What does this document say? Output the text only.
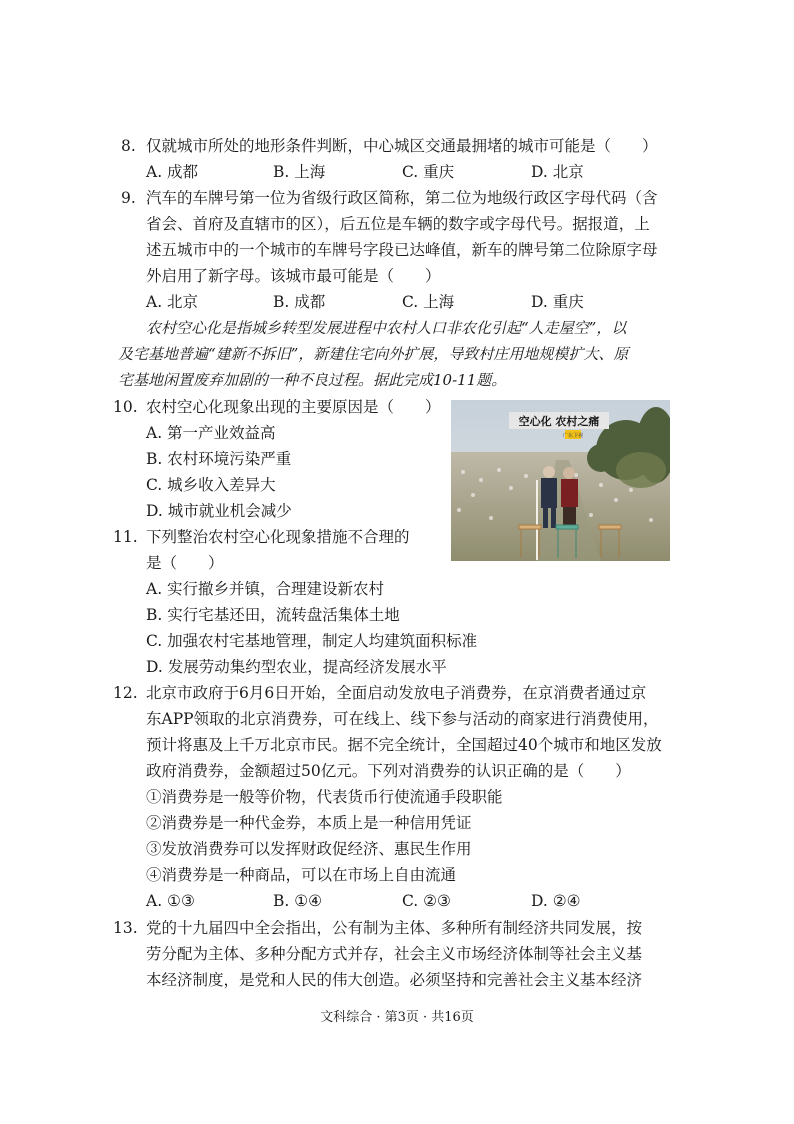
8. 仅就城市所处的地形条件判断，中心城区交通最拥堵的城市可能是（　　）
A. 成都	B. 上海	C. 重庆	D. 北京
9. 汽车的车牌号第一位为省级行政区简称，第二位为地级行政区字母代码（含
省会、首府及直辖市的区），后五位是车辆的数字或字母代号。据报道，上
述五城市中的一个城市的车牌号字段已达峰值，新车的牌号第二位除原字母
外启用了新字母。该城市最可能是（　　）
A. 北京	B. 成都	C. 上海	D. 重庆
农村空心化是指城乡转型发展进程中农村人口非农化引起“人走屋空”，以
及宅基地普遍“建新不拆旧”，新建住宅向外扩展，导致村庄用地规模扩大、原
宅基地闲置废弃加剧的一种不良过程。据此完成10-11题。
10. 农村空心化现象出现的主要原因是（　　）
A. 第一产业效益高
B. 农村环境污染严重
C. 城乡收入差异大
D. 城市就业机会减少
空心化 农村之痛
广东卫视
11. 下列整治农村空心化现象措施不合理的
是（　　）
A. 实行撤乡并镇，合理建设新农村
B. 实行宅基还田，流转盘活集体土地
C. 加强农村宅基地管理，制定人均建筑面积标准
D. 发展劳动集约型农业，提高经济发展水平
12. 北京市政府于6月6日开始，全面启动发放电子消费券，在京消费者通过京
东APP领取的北京消费券，可在线上、线下参与活动的商家进行消费使用，
预计将惠及上千万北京市民。据不完全统计，全国超过40个城市和地区发放
政府消费券，金额超过50亿元。下列对消费券的认识正确的是（　　）
①消费券是一般等价物，代表货币行使流通手段职能
②消费券是一种代金券，本质上是一种信用凭证
③发放消费券可以发挥财政促经济、惠民生作用
④消费券是一种商品，可以在市场上自由流通
A. ①③	B. ①④	C. ②③	D. ②④
13. 党的十九届四中全会指出，公有制为主体、多种所有制经济共同发展，按
劳分配为主体、多种分配方式并存，社会主义市场经济体制等社会主义基
本经济制度，是党和人民的伟大创造。必须坚持和完善社会主义基本经济
文科综合 · 第3页 · 共16页
